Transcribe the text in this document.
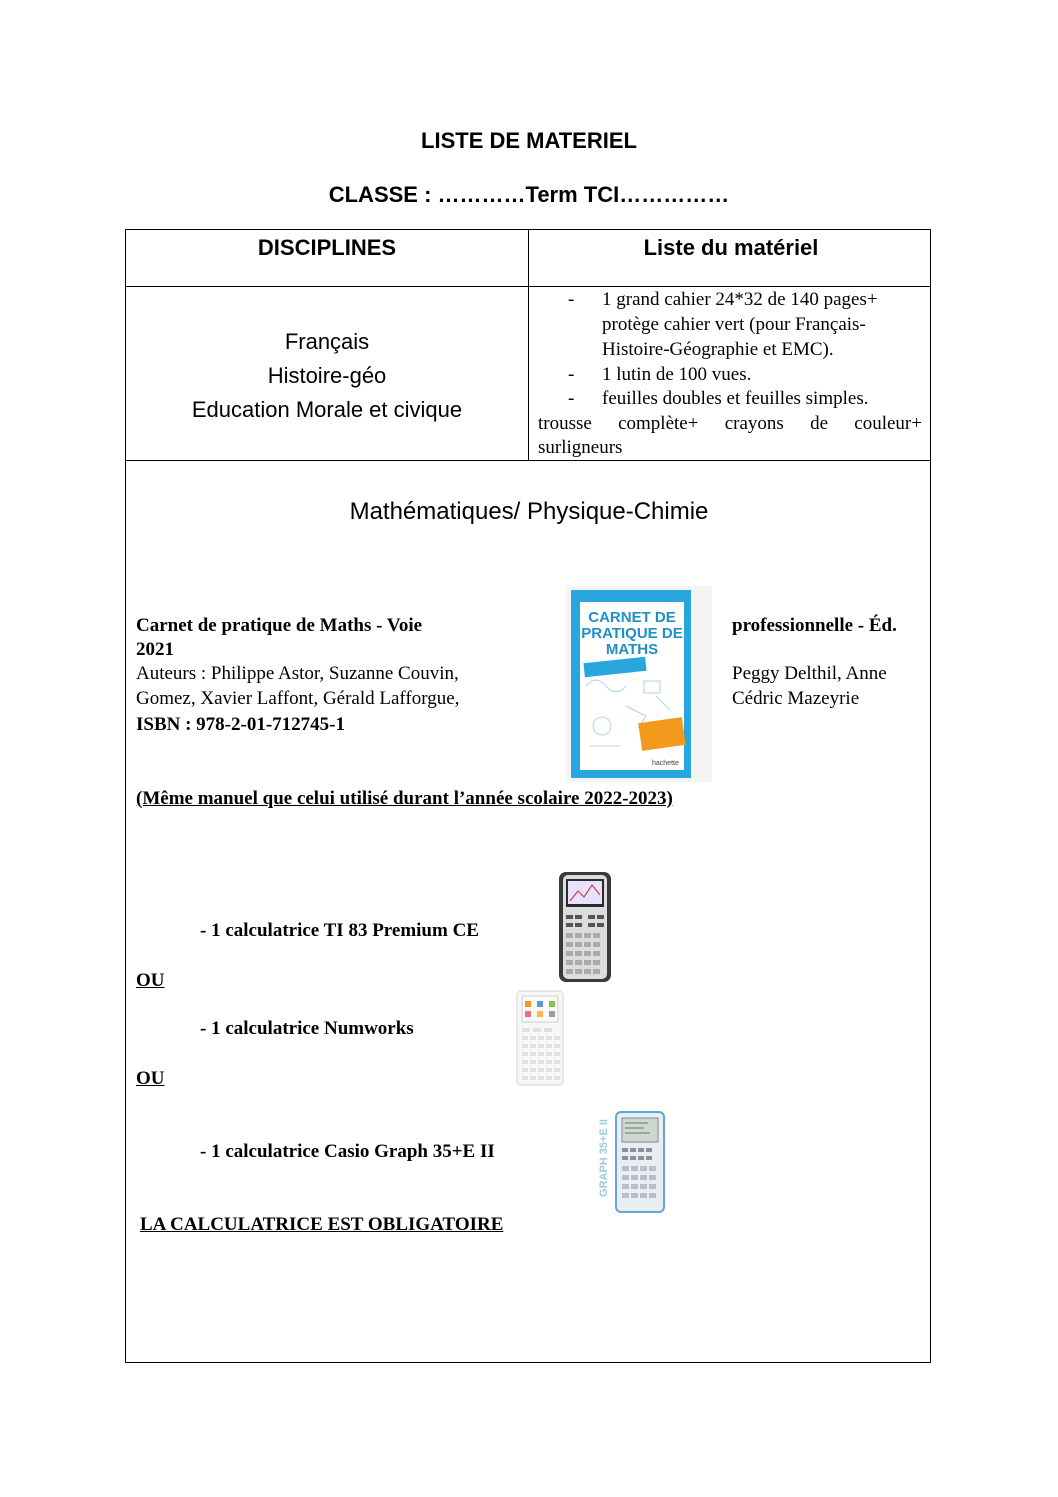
LISTE DE MATERIEL
CLASSE : …………Term TCI……………
DISCIPLINES	Liste du matériel
Français
Histoire-géo
Education Morale et civique
- 1 grand cahier 24*32 de 140 pages+
protège cahier vert (pour Français-
Histoire-Géographie et EMC).
- 1 lutin de 100 vues.
- feuilles doubles et feuilles simples.
trousse complète+ crayons de couleur+
surligneurs
Mathématiques/ Physique-Chimie
Carnet de pratique de Maths - Voie	professionnelle - Éd.
2021
Auteurs : Philippe Astor, Suzanne Couvin,	Peggy Delthil, Anne
Gomez, Xavier Laffont, Gérald Lafforgue,	Cédric Mazeyrie
ISBN : 978-2-01-712745-1
VOIE PROFESSIONNELLE
CARNET DE
PRATIQUE DE
MATHS
hachette
(Même manuel que celui utilisé durant l’année scolaire 2022-2023)
- 1 calculatrice TI 83 Premium CE
OU
- 1 calculatrice Numworks
OU
- 1 calculatrice Casio Graph 35+E II	GRAPH 35+E II
LA CALCULATRICE EST OBLIGATOIRE
